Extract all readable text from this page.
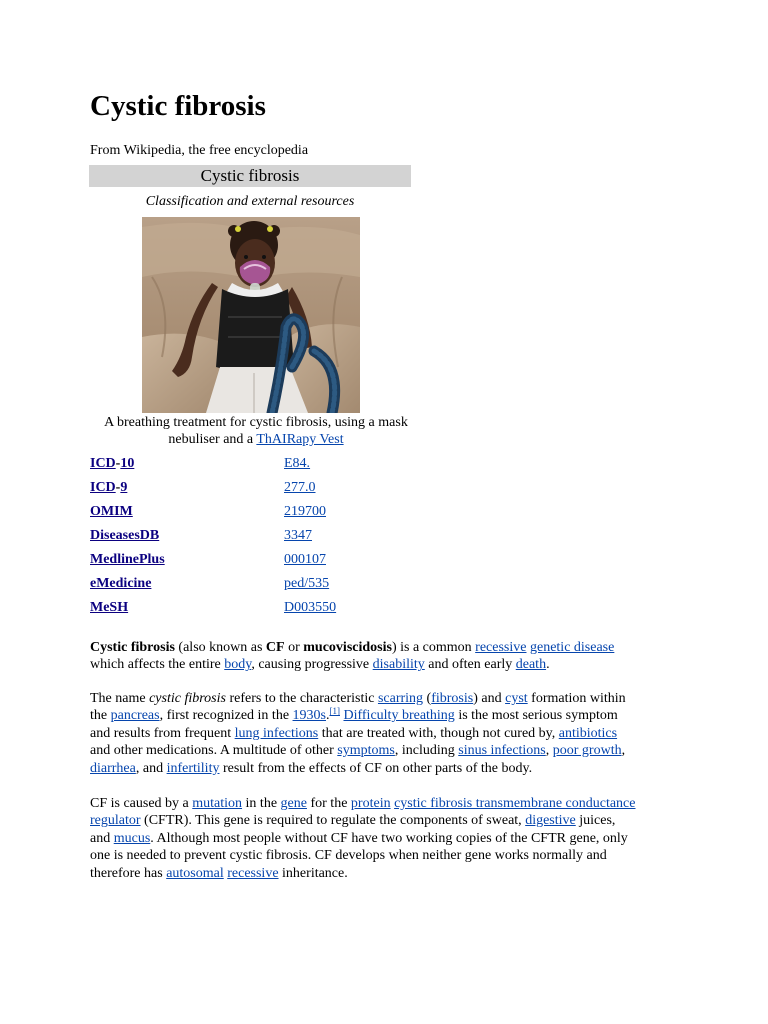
Cystic fibrosis
From Wikipedia, the free encyclopedia
Cystic fibrosis
Classification and external resources
A breathing treatment for cystic fibrosis, using a mask nebuliser and a ThAIRapy Vest
ICD-10	E84.
ICD-9	277.0
OMIM	219700
DiseasesDB	3347
MedlinePlus	000107
eMedicine	ped/535
MeSH	D003550
Cystic fibrosis (also known as CF or mucoviscidosis) is a common recessive genetic disease
which affects the entire body, causing progressive disability and often early death.
The name cystic fibrosis refers to the characteristic scarring (fibrosis) and cyst formation within
the pancreas, first recognized in the 1930s.[1] Difficulty breathing is the most serious symptom
and results from frequent lung infections that are treated with, though not cured by, antibiotics
and other medications. A multitude of other symptoms, including sinus infections, poor growth,
diarrhea, and infertility result from the effects of CF on other parts of the body.
CF is caused by a mutation in the gene for the protein cystic fibrosis transmembrane conductance
regulator (CFTR). This gene is required to regulate the components of sweat, digestive juices,
and mucus. Although most people without CF have two working copies of the CFTR gene, only
one is needed to prevent cystic fibrosis. CF develops when neither gene works normally and
therefore has autosomal recessive inheritance.
